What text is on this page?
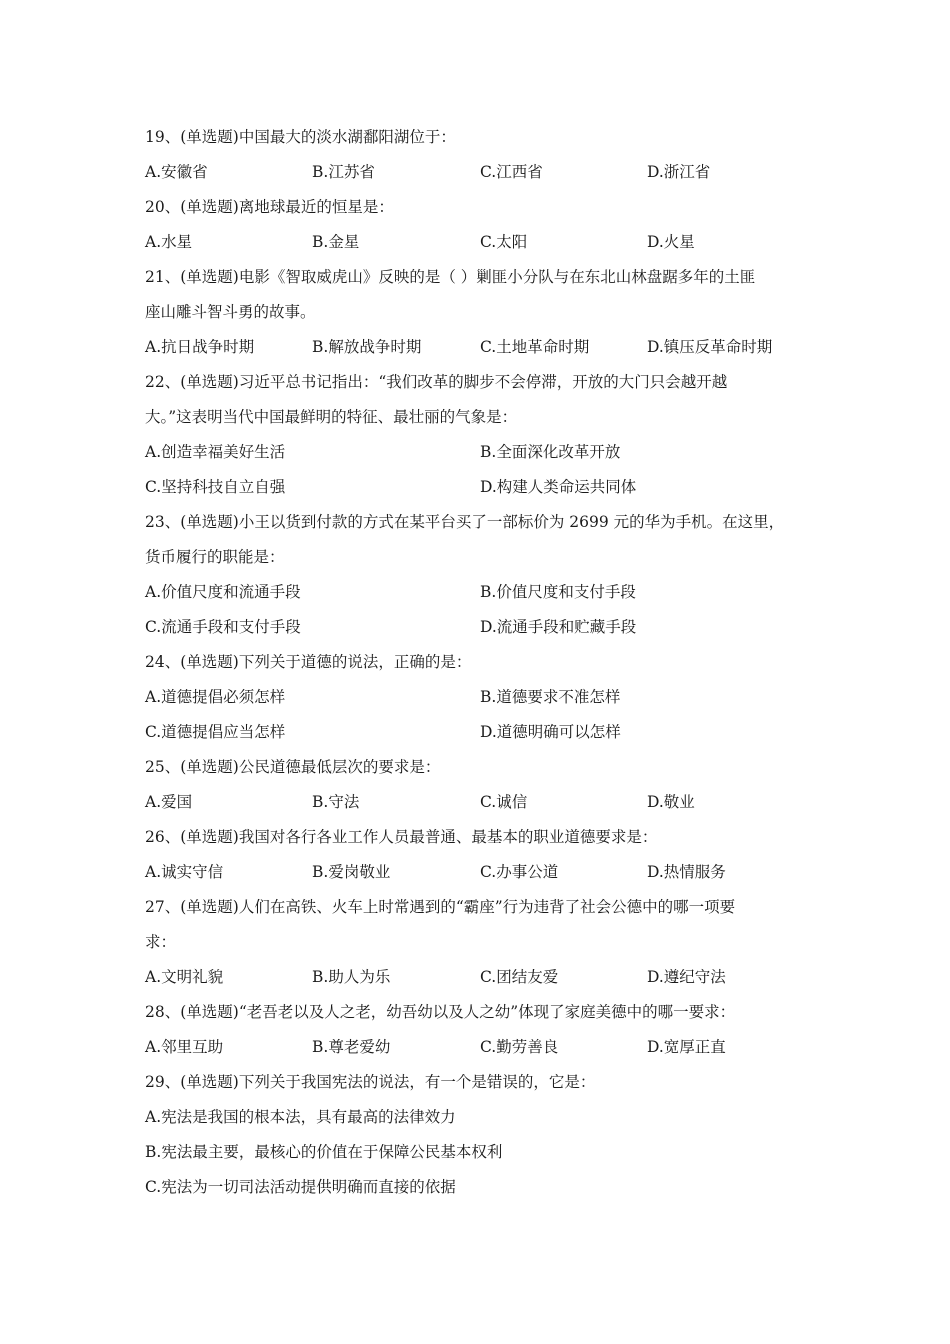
19、(单选题)中国最大的淡水湖鄱阳湖位于：
A.安徽省	B.江苏省	C.江西省	D.浙江省
20、(单选题)离地球最近的恒星是：
A.水星	B.金星	C.太阳	D.火星
21、(单选题)电影《智取威虎山》反映的是（ ）剿匪小分队与在东北山林盘踞多年的土匪
座山雕斗智斗勇的故事。
A.抗日战争时期	B.解放战争时期	C.土地革命时期	D.镇压反革命时期
22、(单选题)习近平总书记指出：“我们改革的脚步不会停滞，开放的大门只会越开越
大。”这表明当代中国最鲜明的特征、最壮丽的气象是：
A.创造幸福美好生活	B.全面深化改革开放
C.坚持科技自立自强	D.构建人类命运共同体
23、(单选题)小王以货到付款的方式在某平台买了一部标价为 2699 元的华为手机。在这里，
货币履行的职能是：
A.价值尺度和流通手段	B.价值尺度和支付手段
C.流通手段和支付手段	D.流通手段和贮藏手段
24、(单选题)下列关于道德的说法，正确的是：
A.道德提倡必须怎样	B.道德要求不准怎样
C.道德提倡应当怎样	D.道德明确可以怎样
25、(单选题)公民道德最低层次的要求是：
A.爱国	B.守法	C.诚信	D.敬业
26、(单选题)我国对各行各业工作人员最普通、最基本的职业道德要求是：
A.诚实守信	B.爱岗敬业	C.办事公道	D.热情服务
27、(单选题)人们在高铁、火车上时常遇到的“霸座”行为违背了社会公德中的哪一项要
求：
A.文明礼貌	B.助人为乐	C.团结友爱	D.遵纪守法
28、(单选题)“老吾老以及人之老，幼吾幼以及人之幼”体现了家庭美德中的哪一要求：
A.邻里互助	B.尊老爱幼	C.勤劳善良	D.宽厚正直
29、(单选题)下列关于我国宪法的说法，有一个是错误的，它是：
A.宪法是我国的根本法，具有最高的法律效力
B.宪法最主要，最核心的价值在于保障公民基本权利
C.宪法为一切司法活动提供明确而直接的依据
